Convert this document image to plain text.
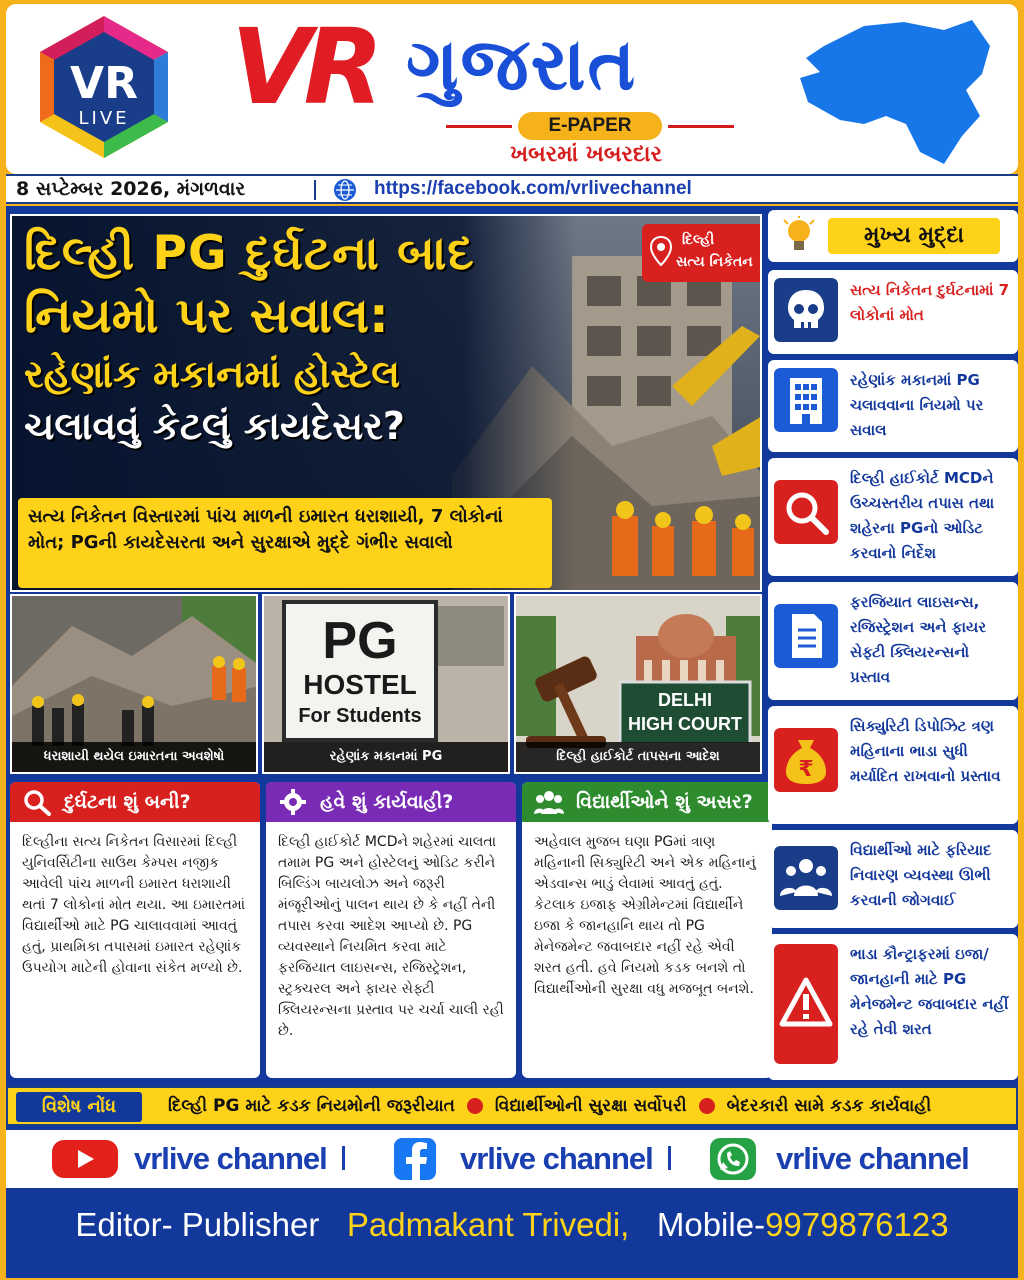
VR
LIVE VR ગુજરાત
E-PAPER
ખબરમાં ખબરદાર
8 સપ્ટેમ્બર 2026, મંગળવાર	https://facebook.com/vrlivechannel
દિલ્હી PG દુર્ઘટના બાદ
નિયમો પર સવાલ:
રહેણાંક મકાનમાં હોસ્ટેલ
ચલાવવું કેટલું કાયદેસર?
દિલ્હી
સત્ય નિકેતન
સત્ય નિકેતન વિસ્તારમાં પાંચ માળની ઇમારત ધરાશાયી, 7 લોકોનાં મોત; PGની કાયદેસરતા અને સુરક્ષાએ મુદ્દે ગંભીર સવાલો
ધરાશાયી થયેલ ઇમારતના અવશેષો
PG
HOSTEL
For Students
રહેણાંક મકાનમાં PG
DELHI
HIGH COURT
દિલ્હી હાઈકોર્ટ તાપસના આદેશ
દુર્ઘટના શું બની?
દિલ્હીના સત્ય નિકેતન વિસારમાં દિલ્હી યુનિવર્સિટીના સાઉથ કેમ્પસ નજીક આવેલી પાંચ માળની ઇમારત ધરાશાયી થતાં 7 લોકોનાં મોત થયા. આ ઇમારતમાં વિદ્યાર્થીઓ માટે PG ચાલાવવામાં આવતું હતું, પ્રાથમિકા તપાસમાં ઇમારત રહેણાંક ઉપયોગ માટેની હોવાના સંકેત મળ્યો છે.
હવે શું કાર્યવાહી?
દિલ્હી હાઈકોર્ટ MCDને શહેરમાં ચાલતા તમામ PG અને હોસ્ટેલનું ઓડિટ કરીને બિલ્ડિંગ બાયલોઝ અને જરૂરી મંજૂરીઓનું પાલન થાય છે કે નહીં તેની તપાસ કરવા આદેશ આપ્યો છે. PG વ્યવસ્થાને નિયમિત કરવા માટે ફરજિયાત લાઇસન્સ, રજિસ્ટ્રેશન, સ્ટ્રક્ચરલ અને ફાયર સેફ્ટી ક્લિયરન્સના પ્રસ્તાવ પર ચર્ચા ચાલી રહી છે.
વિદ્યાર્થીઓને શું અસર?
અહેવાલ મુજબ ઘણા PGમાં ત્રાણ મહિનાની સિક્યુરિટી અને એક મહિનાનું એડવાન્સ ભાડું લેવામાં આવતું હતું. કેટલાક ઇજાફ એગ્રીમેન્ટમાં વિદ્યાર્થીને ઇજા કે જાનહાનિ થાય તો PG મેનેજમેન્ટ જવાબદાર નહીં રહે એવી શરત હતી. હવે નિયમો કડક બનશે તો વિદ્યાર્થીઓની સુરક્ષા વધુ મજબૂત બનશે.
મુખ્ય મુદ્દા
સત્ય નિકેતન દુર્ઘટનામાં 7 લોકોનાં મોત
રહેણાંક મકાનમાં PG ચલાવવાના નિયમો પર સવાલ
દિલ્હી હાઈકોર્ટ MCDને ઉચ્ચસ્તરીય તપાસ તથા શહેરના PGનો ઓડિટ કરવાનો નિર્દેશ
ફરજિયાત લાઇસન્સ, રજિસ્ટ્રેશન અને ફાયર સેફ્ટી ક્લિયરન્સનો પ્રસ્તાવ
₹
સિક્યુરિટી ડિપોઝિટ ત્રણ મહિનાના ભાડા સુધી મર્યાદિત રાખવાનો પ્રસ્તાવ
વિદ્યાર્થીઓ માટે ફરિયાદ નિવારણ વ્યવસ્થા ઊભી કરવાની જોગવાઈ
ભાડા કૌન્ટ્રાફરમાં ઇજા/ જાનહાની માટે PG મેનેજમેન્ટ જવાબદાર નહીં રહે તેવી શરત
વિશેષ નોંધ	દિલ્હી PG માટે કડક નિયમોની જરૂરીયાત વિદ્યાર્થીઓની સુરક્ષા સર્વોપરી બેદરકારી સામે કડક કાર્યવાહી
vrlive channel	vrlive channel	vrlive channel
Editor- Publisher Padmakant Trivedi, Mobile-9979876123
